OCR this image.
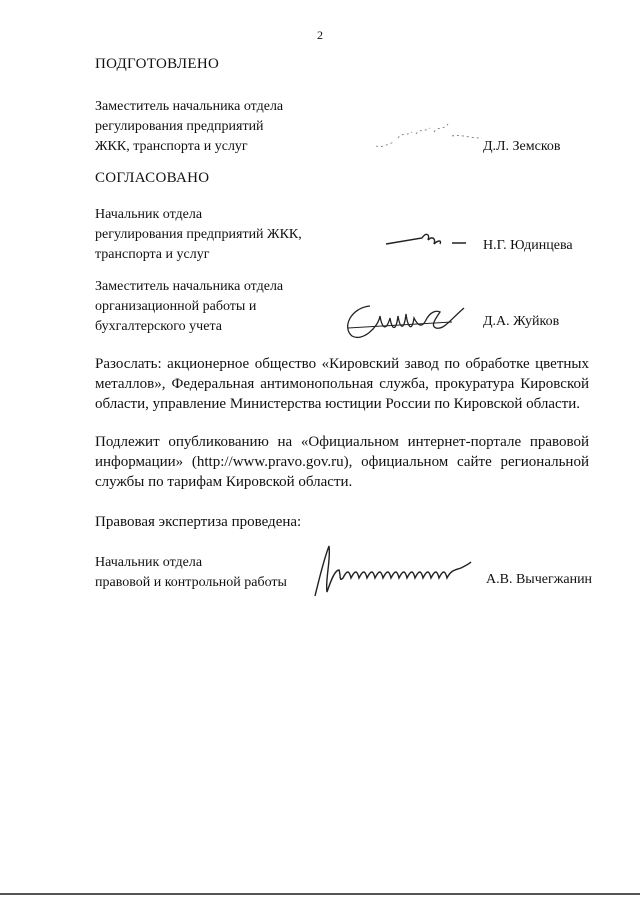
2
ПОДГОТОВЛЕНО
Заместитель начальника отдела
регулирования предприятий
ЖКК, транспорта и услуг	Д.Л. Земсков
СОГЛАСОВАНО
Начальник отдела
регулирования предприятий ЖКК,
транспорта и услуг
Н.Г. Юдинцева
Заместитель начальника отдела
организационной работы и
бухгалтерского учета	Д.А. Жуйков
Разослать: акционерное общество «Кировский завод по обработке цветных
металлов», Федеральная антимонопольная служба, прокуратура Кировской
области, управление Министерства юстиции России по Кировской области.
Подлежит опубликованию на «Официальном интернет-портале правовой
информации» (http://www.pravo.gov.ru), официальном сайте региональной
службы по тарифам Кировской области.
Правовая экспертиза проведена:
Начальник отдела
правовой и контрольной работы	А.В. Вычегжанин
